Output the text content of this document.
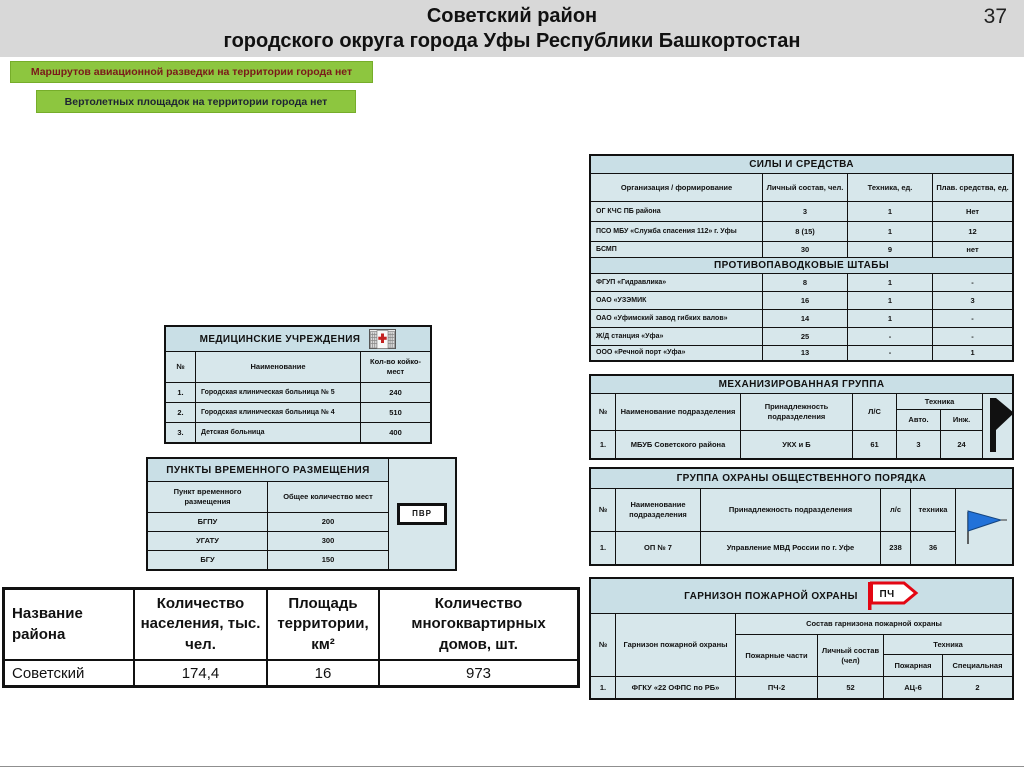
Советский район
городского округа города Уфы Республики Башкортостан
37
Маршрутов авиационной разведки на территории города нет
Вертолетных площадок на территории города нет
СИЛЫ И СРЕДСТВА			
Организация / формирование	Личный состав, чел.	Техника, ед.	Плав. средства, ед.
ОГ КЧС ПБ района	3	1	Нет
ПСО МБУ «Служба спасения 112» г. Уфы	8 (15)	1	12
БСМП	30	9	нет
ПРОТИВОПАВОДКОВЫЕ ШТАБЫ			
ФГУП «Гидравлика»	8	1	-
ОАО «УЗЭМИК	16	1	3
ОАО «Уфимский завод гибких валов»	14	1	-
Ж/Д станция «Уфа»	25	-	-
ООО «Речной порт «Уфа»	13	-	1
МЕДИЦИНСКИЕ УЧРЕЖДЕНИЯ		

№	Наименование	Кол-во койко-мест
1.	Городская клиническая больница № 5	240
2.	Городская клиническая больница № 4	510
3.	Детская больница	400
ПУНКТЫ ВРЕМЕННОГО РАЗМЕЩЕНИЯ		ПВР

Пункт временного размещения	Общее количество мест	
БГПУ	200	
УГАТУ	300	
БГУ	150	
МЕХАНИЗИРОВАННАЯ ГРУППА						
№	Наименование подразделения	Принадлежность подразделения	Л/С	Техника	
				Авто.	Инж.	
1.	МБУБ Советского района	УКХ и Б	61	3	24	
ГРУППА ОХРАНЫ ОБЩЕСТВЕННОГО ПОРЯДКА					
№	Наименование подразделения	Принадлежность подразделения	л/с	техника	
1.	ОП № 7	Управление МВД России по г. Уфе	238	36	
ГАРНИЗОН ПОЖАРНОЙ ОХРАНЫ ПЧ					

№	Гарнизон пожарной охраны	Состав гарнизона пожарной охраны			
		Пожарные части	Личный состав (чел)	Техника	
				Пожарная	Специальная
1.	ФГКУ «22 ОФПС по РБ»	ПЧ-2	52	АЦ-6	2
Название района	Количество населения, тыс. чел.	Площадь территории, км²	Количество многоквартирных домов, шт.
Советский	174,4	16	973
